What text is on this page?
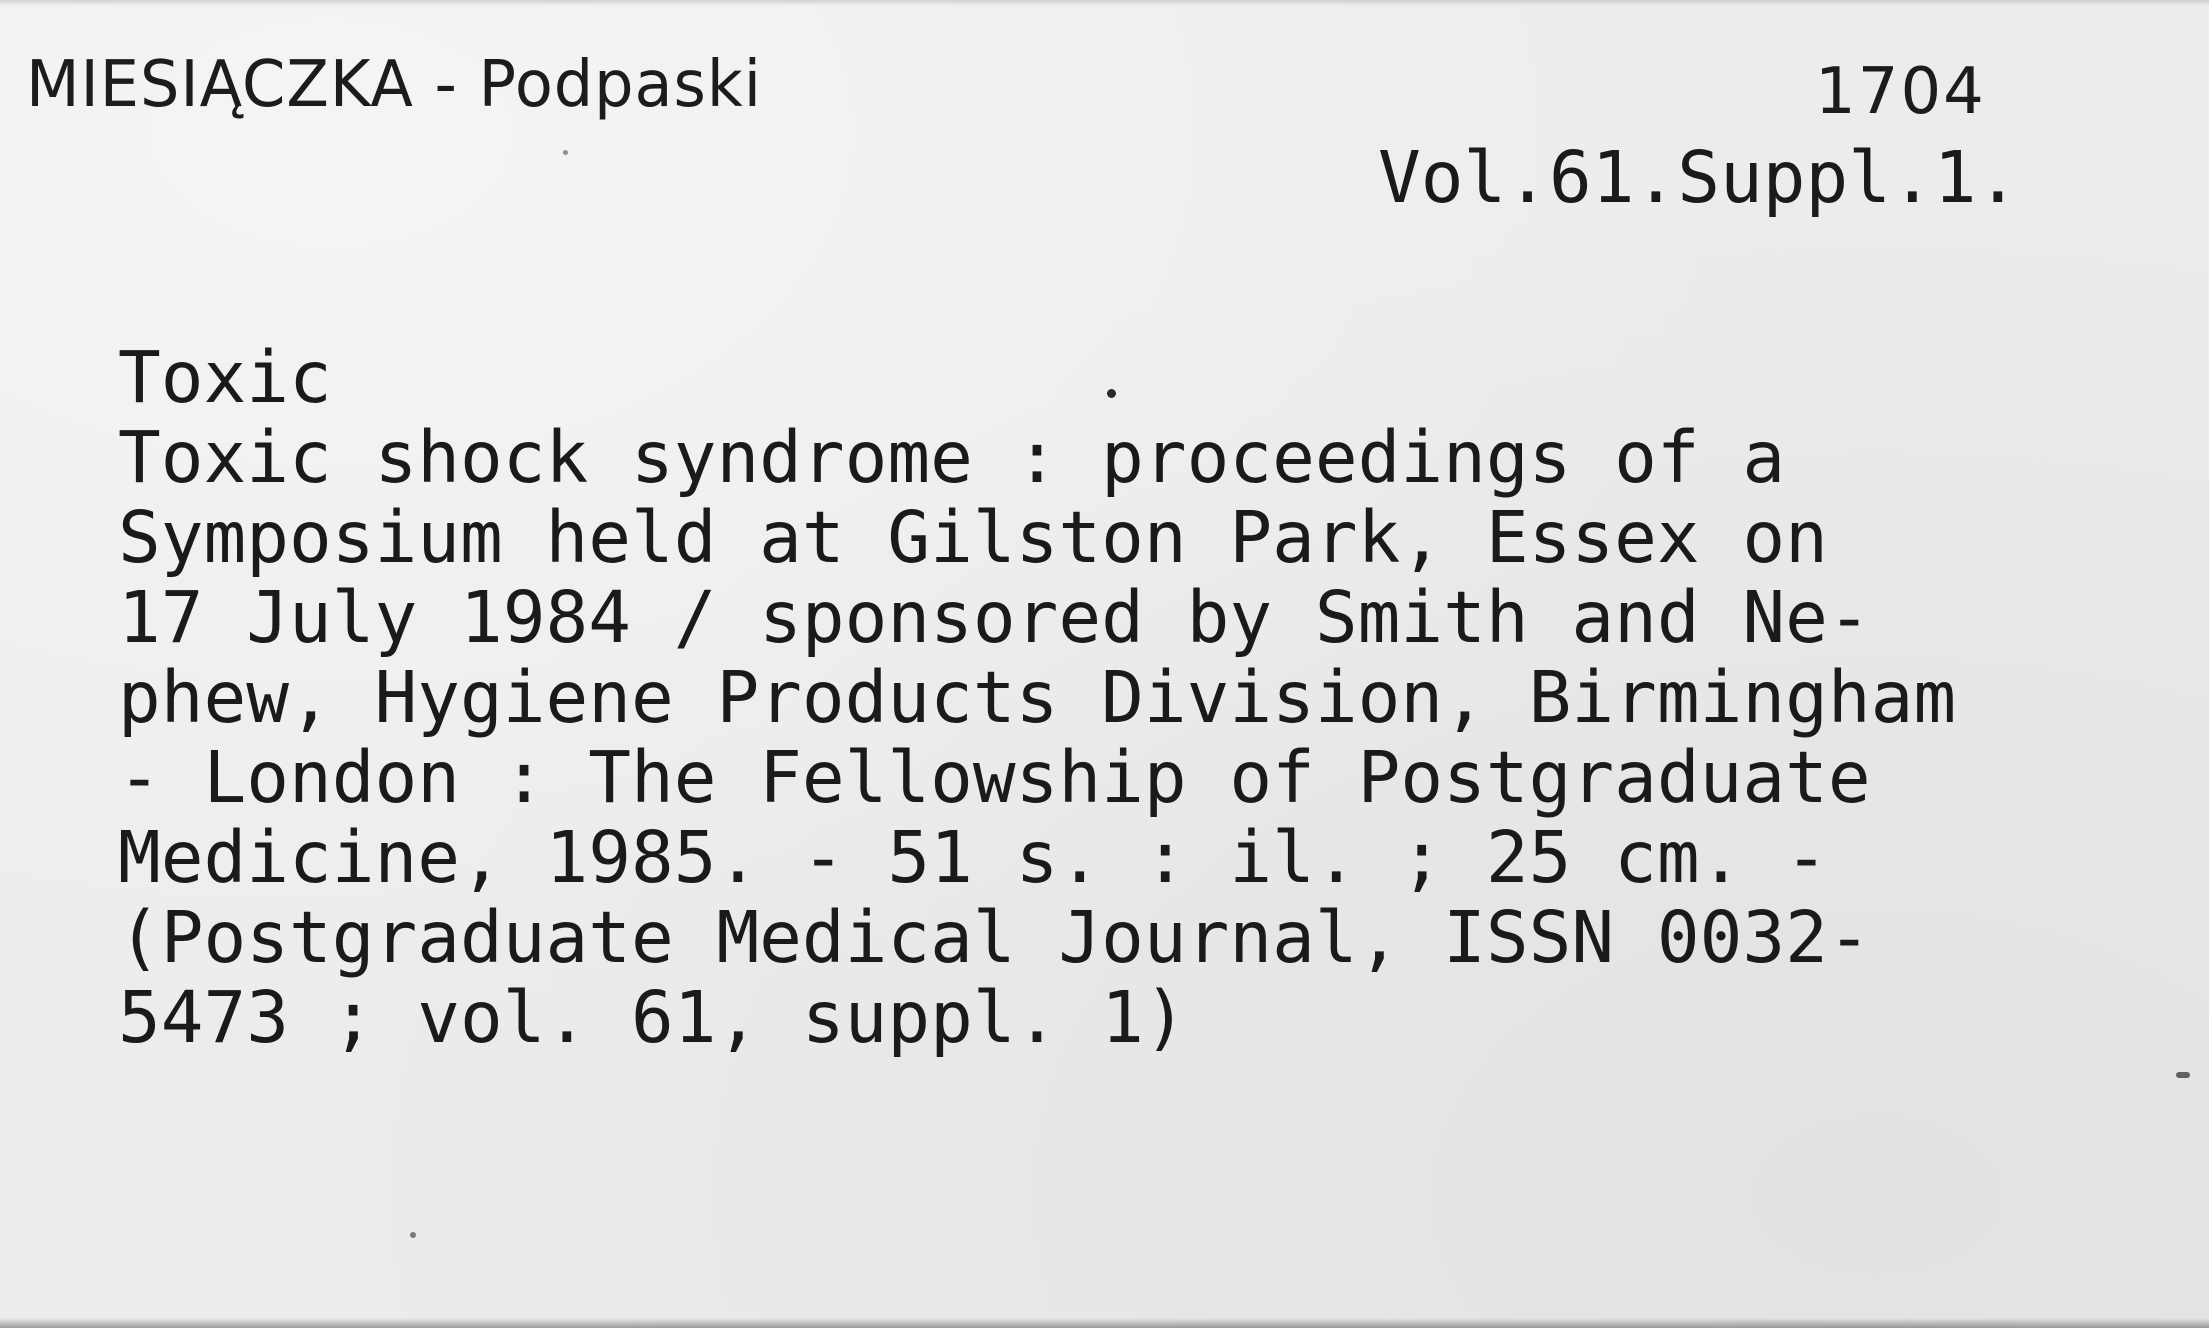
MIESIĄCZKA - Podpaski	1704
Vol.61.Suppl.1.
Toxic
Toxic shock syndrome : proceedings of a
Symposium held at Gilston Park, Essex on
17 July 1984 / sponsored by Smith and Ne-
phew, Hygiene Products Division, Birmingham
- London : The Fellowship of Postgraduate
Medicine, 1985. - 51 s. : il. ; 25 cm. -
(Postgraduate Medical Journal, ISSN 0032-
5473 ; vol. 61, suppl. 1)
